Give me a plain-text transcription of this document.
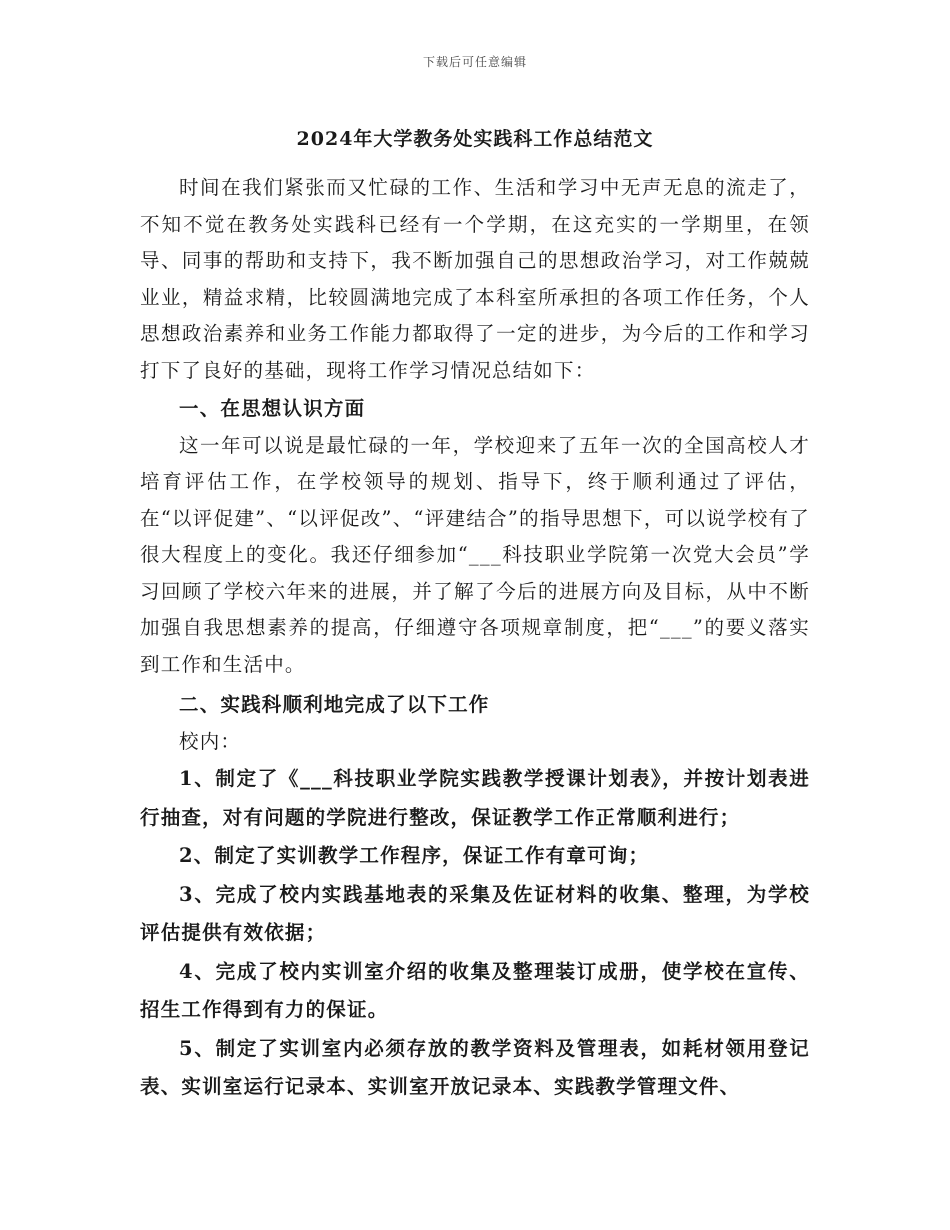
下载后可任意编辑
2024年大学教务处实践科工作总结范文

时间在我们紧张而又忙碌的工作、生活和学习中无声无息的流走了，不知不觉在教务处实践科已经有一个学期，在这充实的一学期里，在领导、同事的帮助和支持下，我不断加强自己的思想政治学习，对工作兢兢业业，精益求精，比较圆满地完成了本科室所承担的各项工作任务，个人思想政治素养和业务工作能力都取得了一定的进步，为今后的工作和学习打下了良好的基础，现将工作学习情况总结如下：

一、在思想认识方面

这一年可以说是最忙碌的一年，学校迎来了五年一次的全国高校人才培育评估工作，在学校领导的规划、指导下，终于顺利通过了评估，在“以评促建”、“以评促改”、“评建结合”的指导思想下，可以说学校有了很大程度上的变化。我还仔细参加“___科技职业学院第一次党大会员”学习回顾了学校六年来的进展，并了解了今后的进展方向及目标，从中不断加强自我思想素养的提高，仔细遵守各项规章制度，把“___”的要义落实到工作和生活中。

二、实践科顺利地完成了以下工作

校内：

1、制定了《___科技职业学院实践教学授课计划表》，并按计划表进行抽查，对有问题的学院进行整改，保证教学工作正常顺利进行；

2、制定了实训教学工作程序，保证工作有章可询；

3、完成了校内实践基地表的采集及佐证材料的收集、整理，为学校评估提供有效依据；

4、完成了校内实训室介绍的收集及整理装订成册，使学校在宣传、招生工作得到有力的保证。

5、制定了实训室内必须存放的教学资料及管理表，如耗材领用登记表、实训室运行记录本、实训室开放记录本、实践教学管理文件、
